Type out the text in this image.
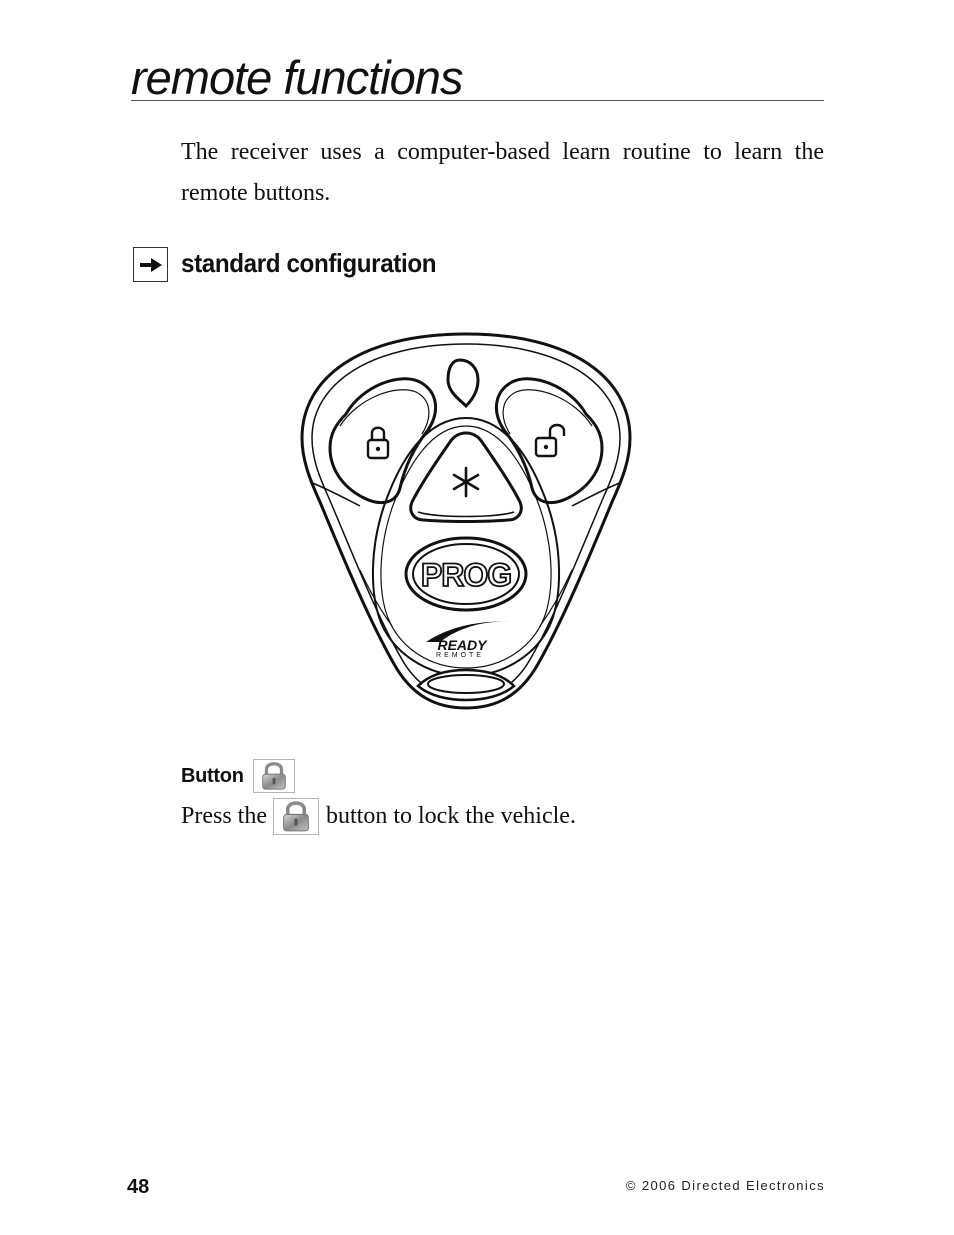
remote functions

The receiver uses a computer-based learn routine to learn the remote buttons.

standard configuration
PROG
READY
REMOTE
Button
Press the button to lock the vehicle.
48	© 2006 Directed Electronics
